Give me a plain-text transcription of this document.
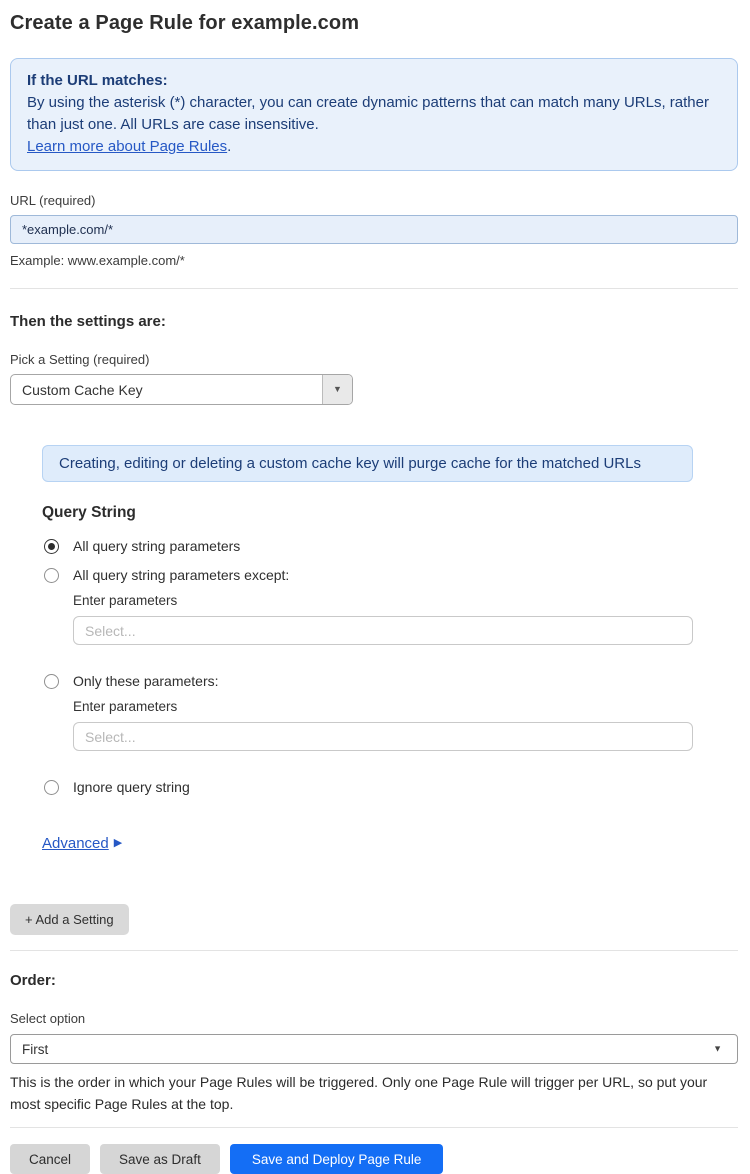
Create a Page Rule for example.com
If the URL matches:
By using the asterisk (*) character, you can create dynamic patterns that can match many URLs, rather than just one. All URLs are case insensitive.
Learn more about Page Rules.
URL (required)
*example.com/*
Example: www.example.com/*
Then the settings are:
Pick a Setting (required)
Custom Cache Key	▼
Creating, editing or deleting a custom cache key will purge cache for the matched URLs
Query String
All query string parameters
All query string parameters except:
Enter parameters
Select...
Only these parameters:
Enter parameters
Select...
Ignore query string
Advanced ▶

+ Add a Setting
Order:
Select option
First	▼

This is the order in which your Page Rules will be triggered. Only one Page Rule will trigger per URL, so put your most specific Page Rules at the top.

Cancel	Save as Draft	Save and Deploy Page Rule
